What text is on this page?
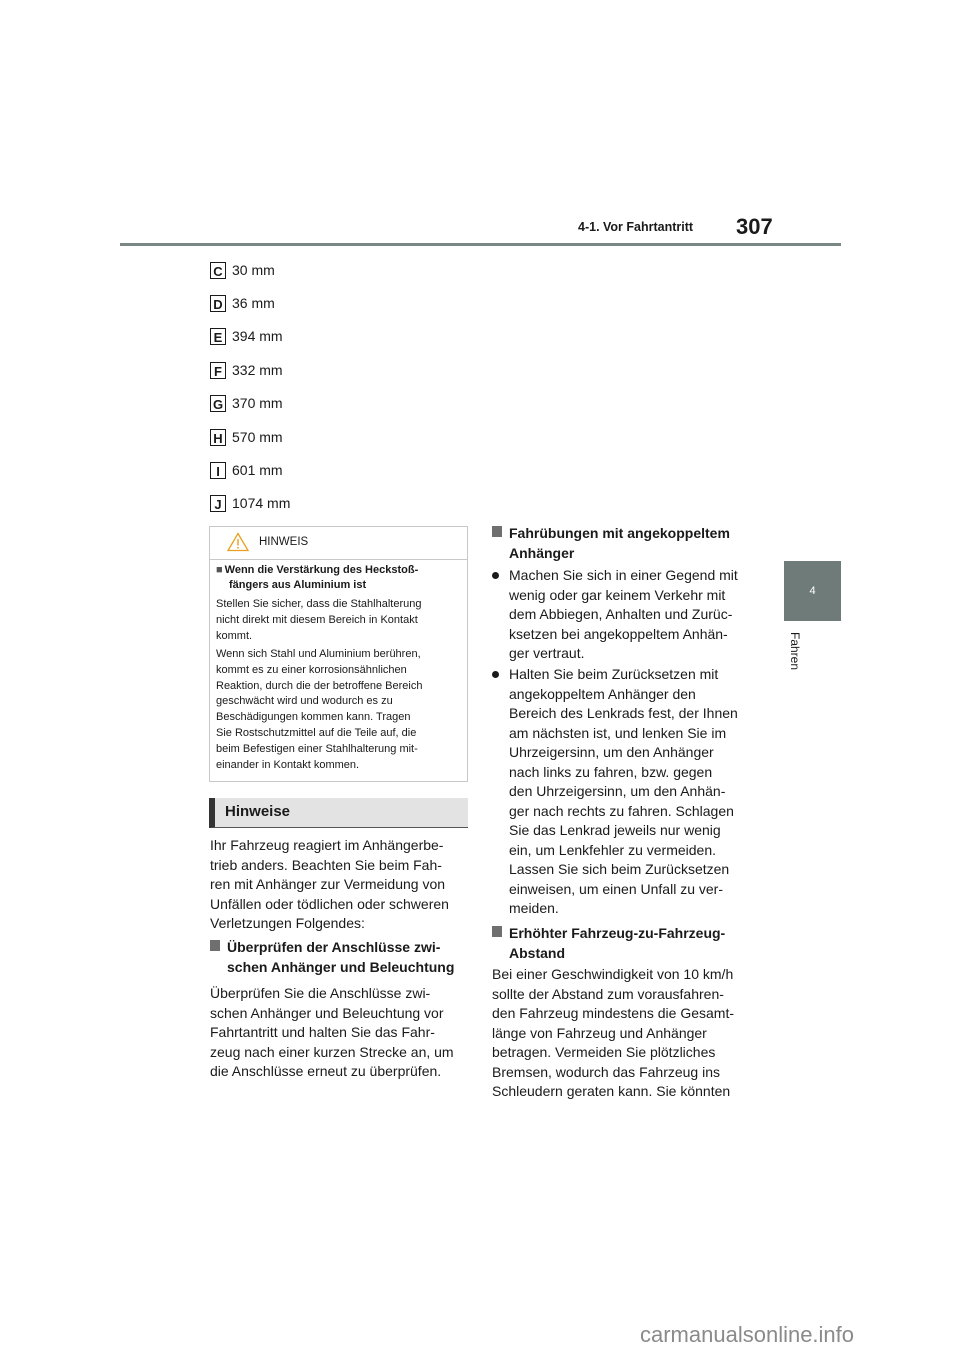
4-1. Vor Fahrtantritt 307
4
Fahren
C 30 mm
D 36 mm
E 394 mm
F 332 mm
G 370 mm
H 570 mm
I 601 mm
J 1074 mm
HINWEIS
■ Wenn die Verstärkung des Heckstoß-
fängers aus Aluminium ist
Stellen Sie sicher, dass die Stahlhalterung
nicht direkt mit diesem Bereich in Kontakt
kommt.
Wenn sich Stahl und Aluminium berühren,
kommt es zu einer korrosionsähnlichen
Reaktion, durch die der betroffene Bereich
geschwächt wird und wodurch es zu
Beschädigungen kommen kann. Tragen
Sie Rostschutzmittel auf die Teile auf, die
beim Befestigen einer Stahlhalterung mit-
einander in Kontakt kommen.
Hinweise
Ihr Fahrzeug reagiert im Anhängerbe-
trieb anders. Beachten Sie beim Fah-
ren mit Anhänger zur Vermeidung von
Unfällen oder tödlichen oder schweren
Verletzungen Folgendes:
Überprüfen der Anschlüsse zwi-
schen Anhänger und Beleuchtung
Überprüfen Sie die Anschlüsse zwi-
schen Anhänger und Beleuchtung vor
Fahrtantritt und halten Sie das Fahr-
zeug nach einer kurzen Strecke an, um
die Anschlüsse erneut zu überprüfen.
Fahrübungen mit angekoppeltem
Anhänger
Machen Sie sich in einer Gegend mit
wenig oder gar keinem Verkehr mit
dem Abbiegen, Anhalten und Zurüc-
ksetzen bei angekoppeltem Anhän-
ger vertraut.
Halten Sie beim Zurücksetzen mit
angekoppeltem Anhänger den
Bereich des Lenkrads fest, der Ihnen
am nächsten ist, und lenken Sie im
Uhrzeigersinn, um den Anhänger
nach links zu fahren, bzw. gegen
den Uhrzeigersinn, um den Anhän-
ger nach rechts zu fahren. Schlagen
Sie das Lenkrad jeweils nur wenig
ein, um Lenkfehler zu vermeiden.
Lassen Sie sich beim Zurücksetzen
einweisen, um einen Unfall zu ver-
meiden.
Erhöhter Fahrzeug-zu-Fahrzeug-
Abstand
Bei einer Geschwindigkeit von 10 km/h
sollte der Abstand zum vorausfahren-
den Fahrzeug mindestens die Gesamt-
länge von Fahrzeug und Anhänger
betragen. Vermeiden Sie plötzliches
Bremsen, wodurch das Fahrzeug ins
Schleudern geraten kann. Sie könnten
carmanualsonline.info
